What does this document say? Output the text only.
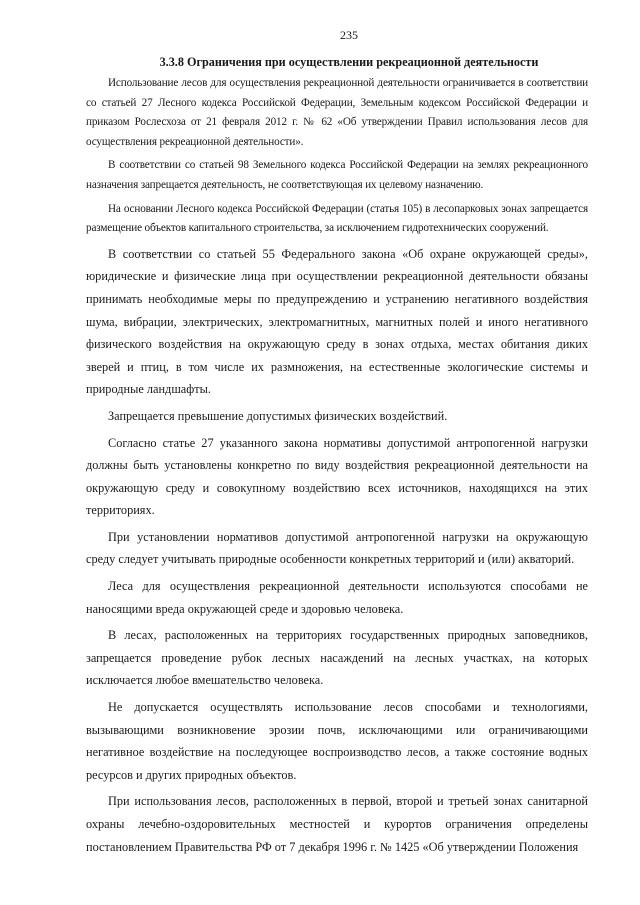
235
3.3.8 Ограничения при осуществлении рекреационной деятельности

Использование лесов для осуществления рекреационной деятельности ограничивается в соответствии со статьей 27 Лесного кодекса Российской Федерации, Земельным кодексом Российской Федерации и приказом Рослесхоза от 21 февраля 2012 г. № 62 «Об утверждении Правил использования лесов для осуществления рекреационной деятельности».

В соответствии со статьей 98 Земельного кодекса Российской Федерации на землях рекреационного назначения запрещается деятельность, не соответствующая их целевому назначению.

На основании Лесного кодекса Российской Федерации (статья 105) в лесопарковых зонах запрещается размещение объектов капитального строительства, за исключением гидротехнических сооружений.

В соответствии со статьей 55 Федерального закона «Об охране окружающей среды», юридические и физические лица при осуществлении рекреационной деятельности обязаны принимать необходимые меры по предупреждению и устранению негативного воздействия шума, вибрации, электрических, электромагнитных, магнитных полей и иного негативного физического воздействия на окружающую среду в зонах отдыха, местах обитания диких зверей и птиц, в том числе их размножения, на естественные экологические системы и природные ландшафты.

Запрещается превышение допустимых физических воздействий.

Согласно статье 27 указанного закона нормативы допустимой антропогенной нагрузки должны быть установлены конкретно по виду воздействия рекреационной деятельности на окружающую среду и совокупному воздействию всех источников, находящихся на этих территориях.

При установлении нормативов допустимой антропогенной нагрузки на окружающую среду следует учитывать природные особенности конкретных территорий и (или) акваторий.

Леса для осуществления рекреационной деятельности используются способами не наносящими вреда окружающей среде и здоровью человека.

В лесах, расположенных на территориях государственных природных заповедников, запрещается проведение рубок лесных насаждений на лесных участках, на которых исключается любое вмешательство человека.

Не допускается осуществлять использование лесов способами и технологиями, вызывающими возникновение эрозии почв, исключающими или ограничивающими негативное воздействие на последующее воспроизводство лесов, а также состояние водных ресурсов и других природных объектов.

При использования лесов, расположенных в первой, второй и третьей зонах санитарной охраны лечебно-оздоровительных местностей и курортов ограничения определены постановлением Правительства РФ от 7 декабря 1996 г. № 1425 «Об утверждении Положения
